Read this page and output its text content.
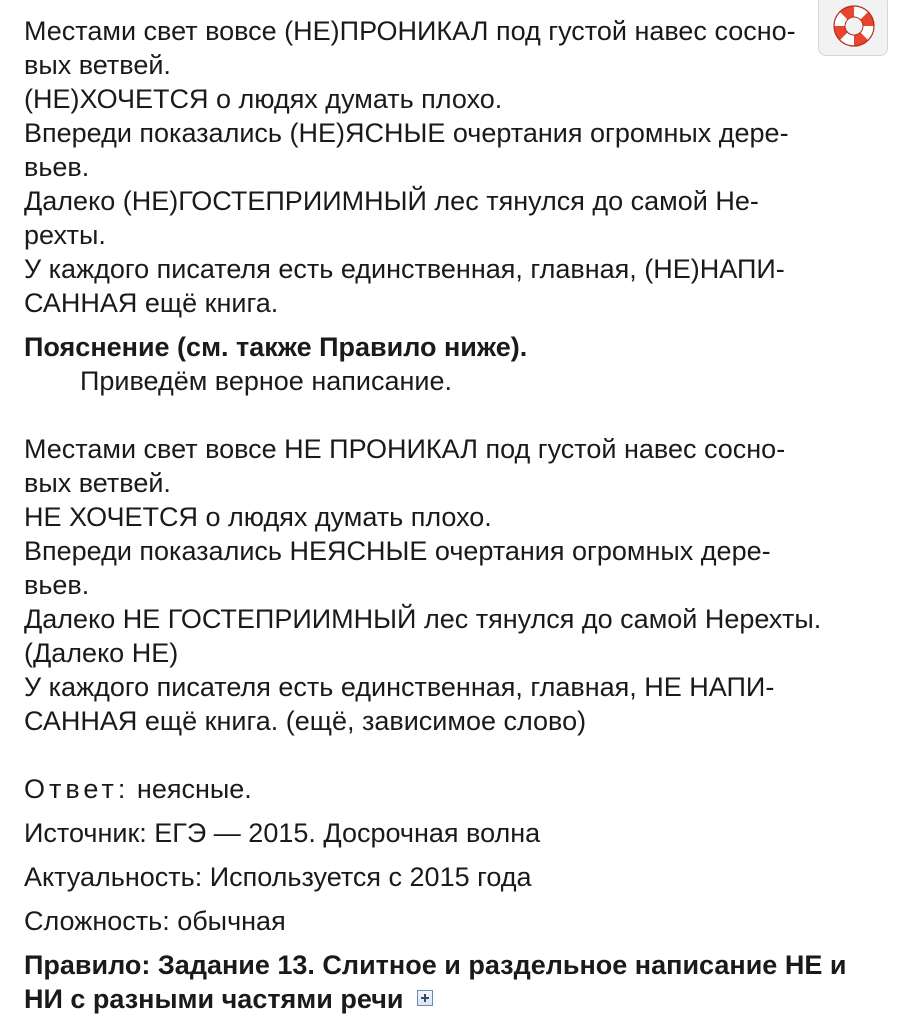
Местами свет вовсе (НЕ)ПРОНИКАЛ под густой навес сосно-
вых ветвей.
(НЕ)ХОЧЕТСЯ о людях думать плохо.
Впереди показались (НЕ)ЯСНЫЕ очертания огромных дере-
вьев.
Далеко (НЕ)ГОСТЕПРИИМНЫЙ лес тянулся до самой Не-
рехты.
У каждого писателя есть единственная, главная, (НЕ)НАПИ-
САННАЯ ещё книга.
Пояснение (см. также Правило ниже).
Приведём верное написание.
Местами свет вовсе НЕ ПРОНИКАЛ под густой навес сосно-
вых ветвей.
НЕ ХОЧЕТСЯ о людях думать плохо.
Впереди показались НЕЯСНЫЕ очертания огромных дере-
вьев.
Далеко НЕ ГОСТЕПРИИМНЫЙ лес тянулся до самой Нерехты.
(Далеко НЕ)
У каждого писателя есть единственная, главная, НЕ НАПИ-
САННАЯ ещё книга. (ещё, зависимое слово)
Ответ: неясные.
Источник: ЕГЭ — 2015. Досрочная волна
Актуальность: Используется с 2015 года
Сложность: обычная
Правило: Задание 13. Слитное и раздельное написание НЕ и НИ с разными частями речи
